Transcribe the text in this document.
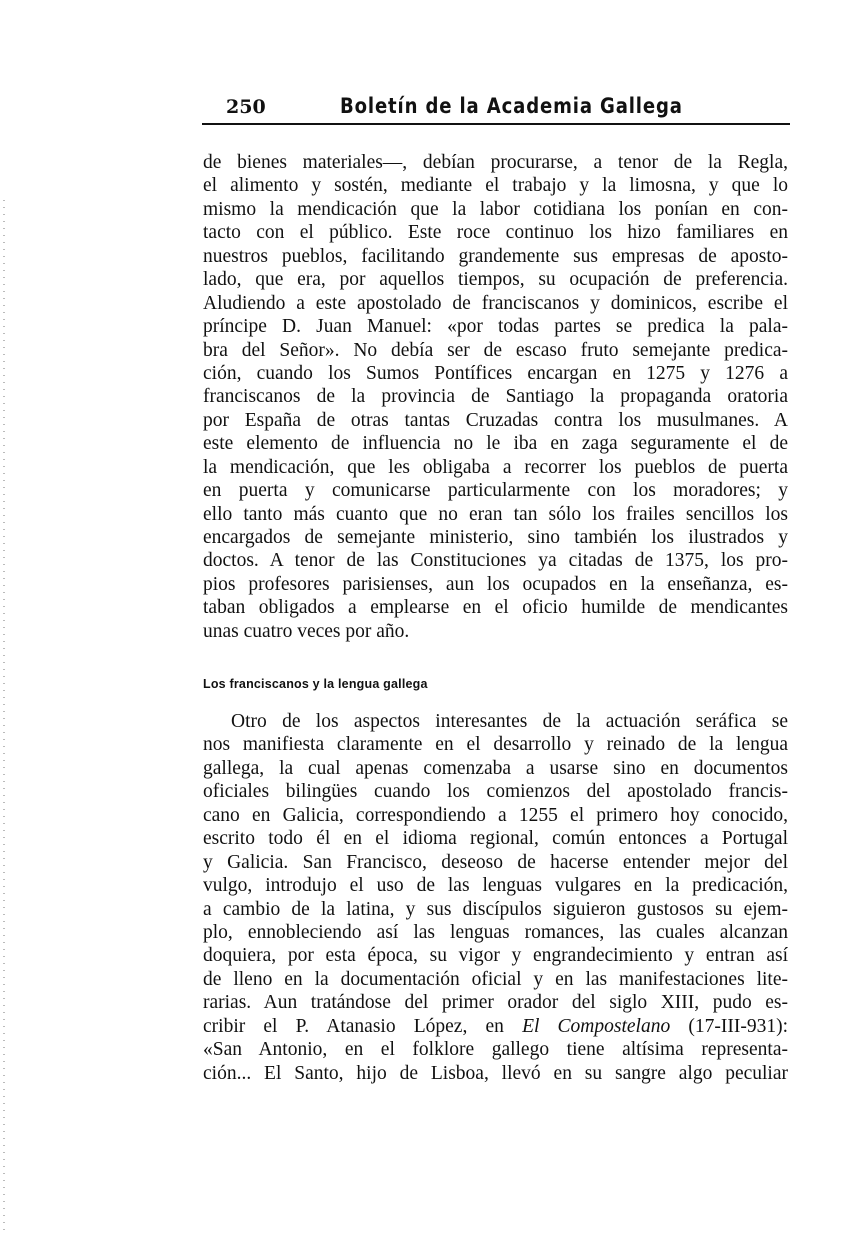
250	Boletín de la Academia Gallega
de bienes materiales—, debían procurarse, a tenor de la Regla,
el alimento y sostén, mediante el trabajo y la limosna, y que lo
mismo la mendicación que la labor cotidiana los ponían en con-
tacto con el público. Este roce continuo los hizo familiares en
nuestros pueblos, facilitando grandemente sus empresas de aposto-
lado, que era, por aquellos tiempos, su ocupación de preferencia.
Aludiendo a este apostolado de franciscanos y dominicos, escribe el
príncipe D. Juan Manuel: «por todas partes se predica la pala-
bra del Señor». No debía ser de escaso fruto semejante predica-
ción, cuando los Sumos Pontífices encargan en 1275 y 1276 a
franciscanos de la provincia de Santiago la propaganda oratoria
por España de otras tantas Cruzadas contra los musulmanes. A
este elemento de influencia no le iba en zaga seguramente el de
la mendicación, que les obligaba a recorrer los pueblos de puerta
en puerta y comunicarse particularmente con los moradores; y
ello tanto más cuanto que no eran tan sólo los frailes sencillos los
encargados de semejante ministerio, sino también los ilustrados y
doctos. A tenor de las Constituciones ya citadas de 1375, los pro-
pios profesores parisienses, aun los ocupados en la enseñanza, es-
taban obligados a emplearse en el oficio humilde de mendicantes
unas cuatro veces por año.
Los franciscanos y la lengua gallega
Otro de los aspectos interesantes de la actuación seráfica se
nos manifiesta claramente en el desarrollo y reinado de la lengua
gallega, la cual apenas comenzaba a usarse sino en documentos
oficiales bilingües cuando los comienzos del apostolado francis-
cano en Galicia, correspondiendo a 1255 el primero hoy conocido,
escrito todo él en el idioma regional, común entonces a Portugal
y Galicia. San Francisco, deseoso de hacerse entender mejor del
vulgo, introdujo el uso de las lenguas vulgares en la predicación,
a cambio de la latina, y sus discípulos siguieron gustosos su ejem-
plo, ennobleciendo así las lenguas romances, las cuales alcanzan
doquiera, por esta época, su vigor y engrandecimiento y entran así
de lleno en la documentación oficial y en las manifestaciones lite-
rarias. Aun tratándose del primer orador del siglo XIII, pudo es-
cribir el P. Atanasio López, en El Compostelano (17-III-931):
«San Antonio, en el folklore gallego tiene altísima representa-
ción... El Santo, hijo de Lisboa, llevó en su sangre algo peculiar
